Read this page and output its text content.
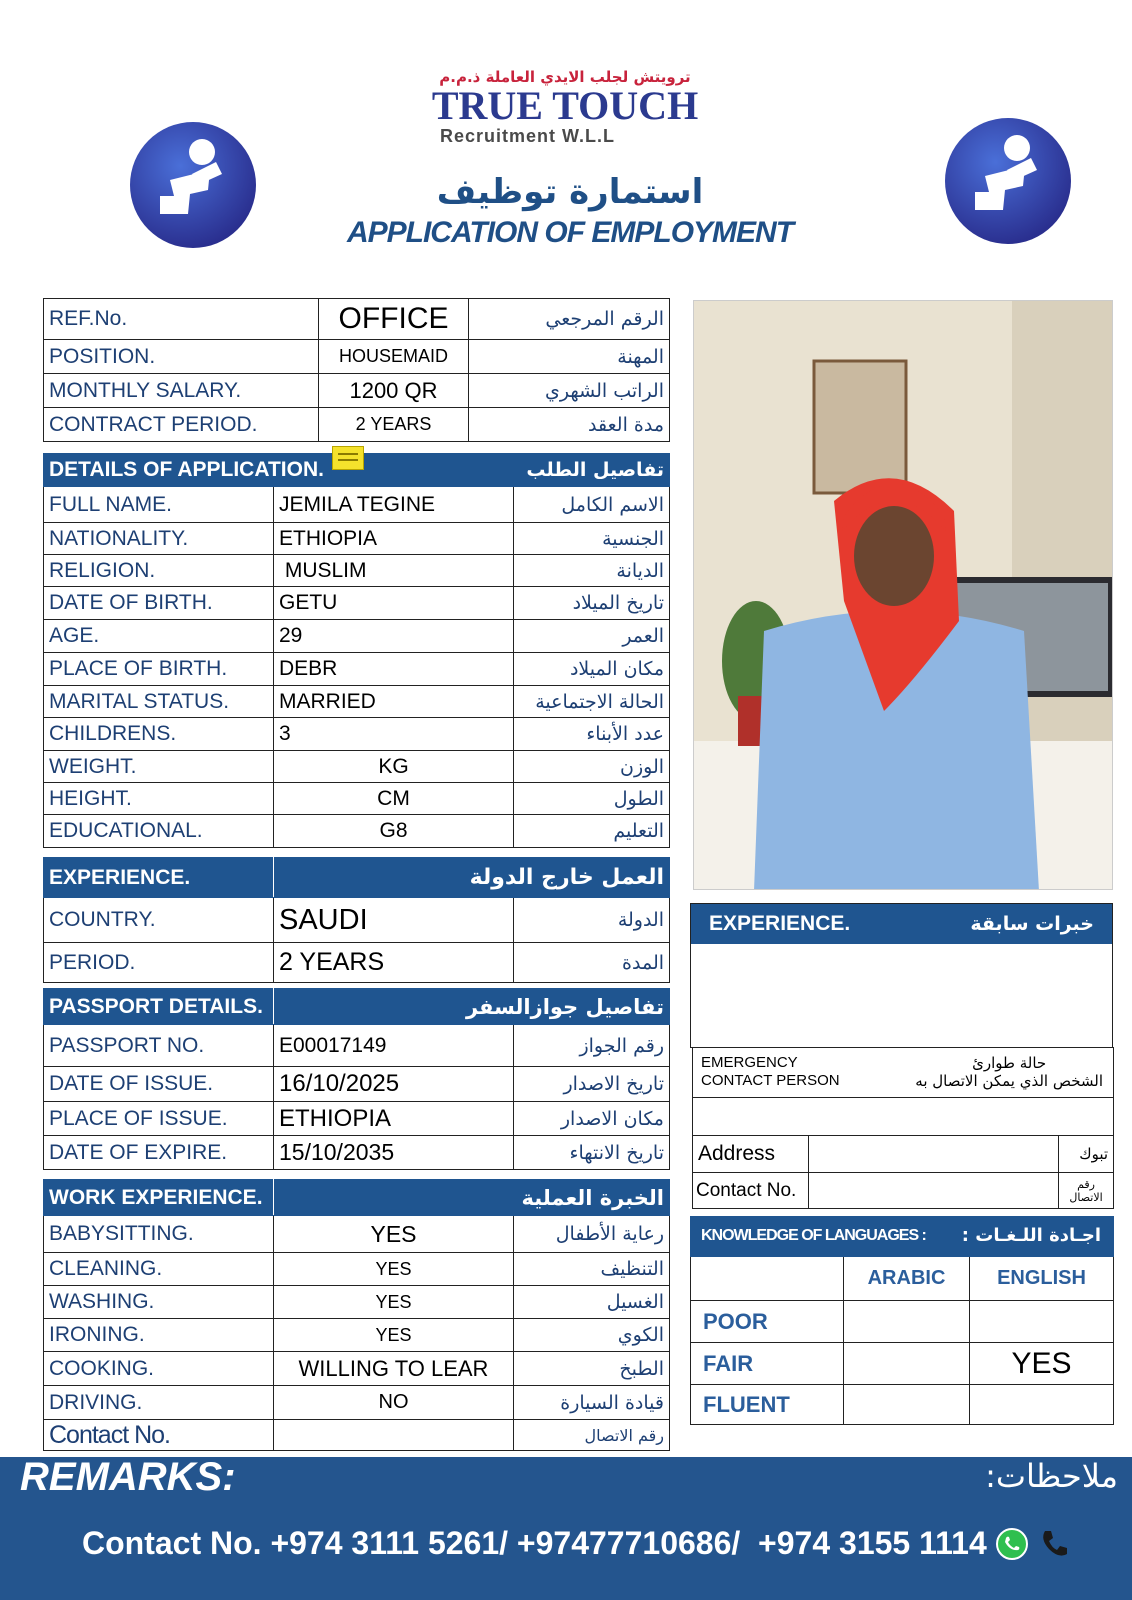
ترويتش لجلب الايدي العاملة ذ.م.م
TRUE TOUCH
Recruitment W.L.L
استمارة توظيف
APPLICATION OF EMPLOYMENT
REF.No.	OFFICE	الرقم المرجعي
POSITION.	HOUSEMAID	المهنة
MONTHLY SALARY.	1200 QR	الراتب الشهري
CONTRACT PERIOD.	2 YEARS	مدة العقد
DETAILS OF APPLICATION.		تفاصيل الطلب
FULL NAME.	JEMILA TEGINE	الاسم الكامل
NATIONALITY.	ETHIOPIA	الجنسية
RELIGION.	MUSLIM	الديانة
DATE OF BIRTH.	GETU	تاريخ الميلاد
AGE.	29	العمر
PLACE OF BIRTH.	DEBR	مكان الميلاد
MARITAL STATUS.	MARRIED	الحالة الاجتماعية
CHILDRENS.	3	عدد الأبناء
WEIGHT.	KG	الوزن
HEIGHT.	CM	الطول
EDUCATIONAL.	G8	التعليم
EXPERIENCE.	العمل خارج الدولة	
COUNTRY.	SAUDI	الدولة
PERIOD.	2 YEARS	المدة
PASSPORT DETAILS.	تفاصيل جوازالسفر	
PASSPORT NO.	E00017149	رقم الجواز
DATE OF ISSUE.	16/10/2025	تاريخ الاصدار
PLACE OF ISSUE.	ETHIOPIA	مكان الاصدار
DATE OF EXPIRE.	15/10/2035	تاريخ الانتهاء
WORK EXPERIENCE.	الخبرة العملية	
BABYSITTING.	YES	رعاية الأطفال
CLEANING.	YES	التنظيف
WASHING.	YES	الغسيل
IRONING.	YES	الكوي
COOKING.	WILLING TO LEAR	الطبخ
DRIVING.	NO	قيادة السيارة
Contact No.		رقم الاتصال
EXPERIENCE.	خبرات سابقة
EMERGENCY
CONTACT PERSON
حالة طوارئ
الشخص الذي يمكن الاتصال به		

Address		تبوك
Contact No.		رقم
الاتصال
KNOWLEDGE OF LANGUAGES : اجـادة اللـغـات :		

	ARABIC	ENGLISH
POOR		
FAIR		YES
FLUENT		
REMARKS:	ملاحظات:
Contact No. +974 3111 5261/ +97477710686/  +974 3155 1114
